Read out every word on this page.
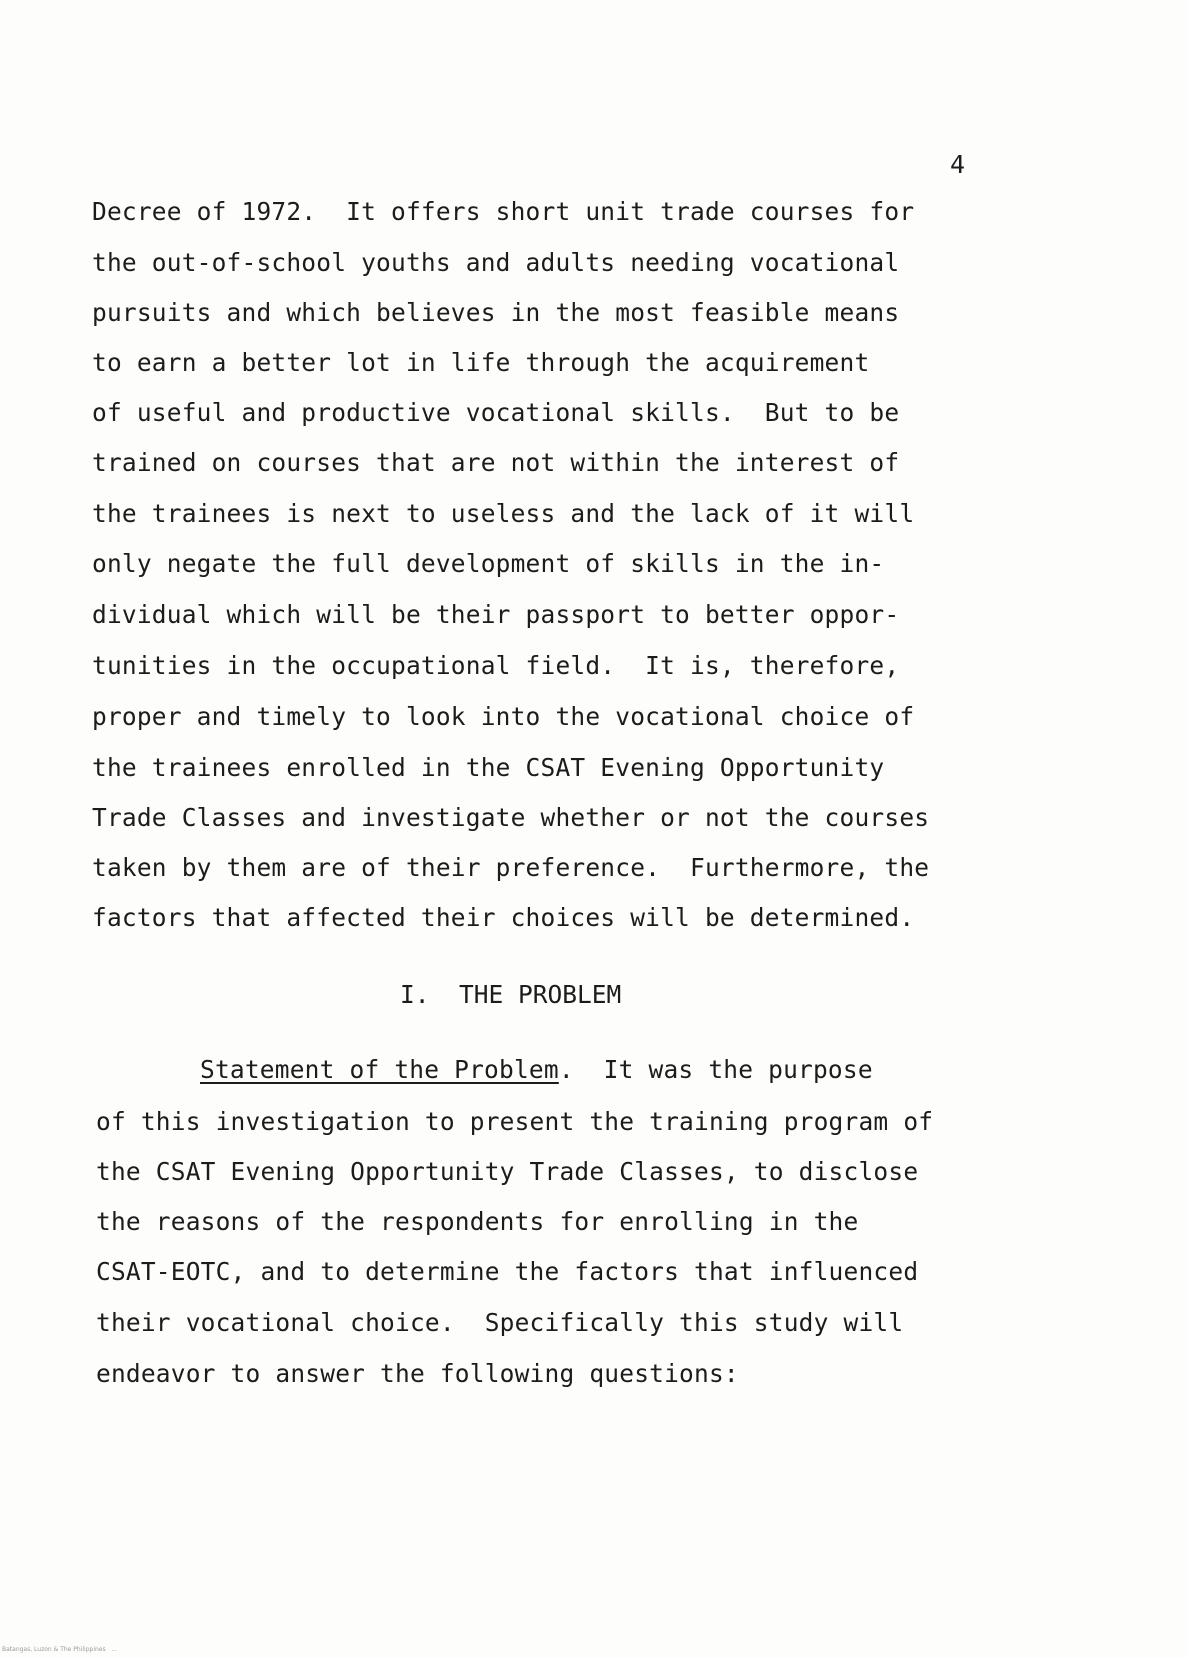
4

Decree of 1972.  It offers short unit trade courses for

the out-of-school youths and adults needing vocational

pursuits and which believes in the most feasible means

to earn a better lot in life through the acquirement

of useful and productive vocational skills.  But to be

trained on courses that are not within the interest of

the trainees is next to useless and the lack of it will

only negate the full development of skills in the in-

dividual which will be their passport to better oppor-

tunities in the occupational field.  It is, therefore,

proper and timely to look into the vocational choice of

the trainees enrolled in the CSAT Evening Opportunity

Trade Classes and investigate whether or not the courses

taken by them are of their preference.  Furthermore, the

factors that affected their choices will be determined.

I.  THE PROBLEM

Statement of the Problem.  It was the purpose

of this investigation to present the training program of

the CSAT Evening Opportunity Trade Classes, to disclose

the reasons of the respondents for enrolling in the

CSAT-EOTC, and to determine the factors that influenced

their vocational choice.  Specifically this study will

endeavor to answer the following questions:

Batangas, Luzon & The Philippines   ...
